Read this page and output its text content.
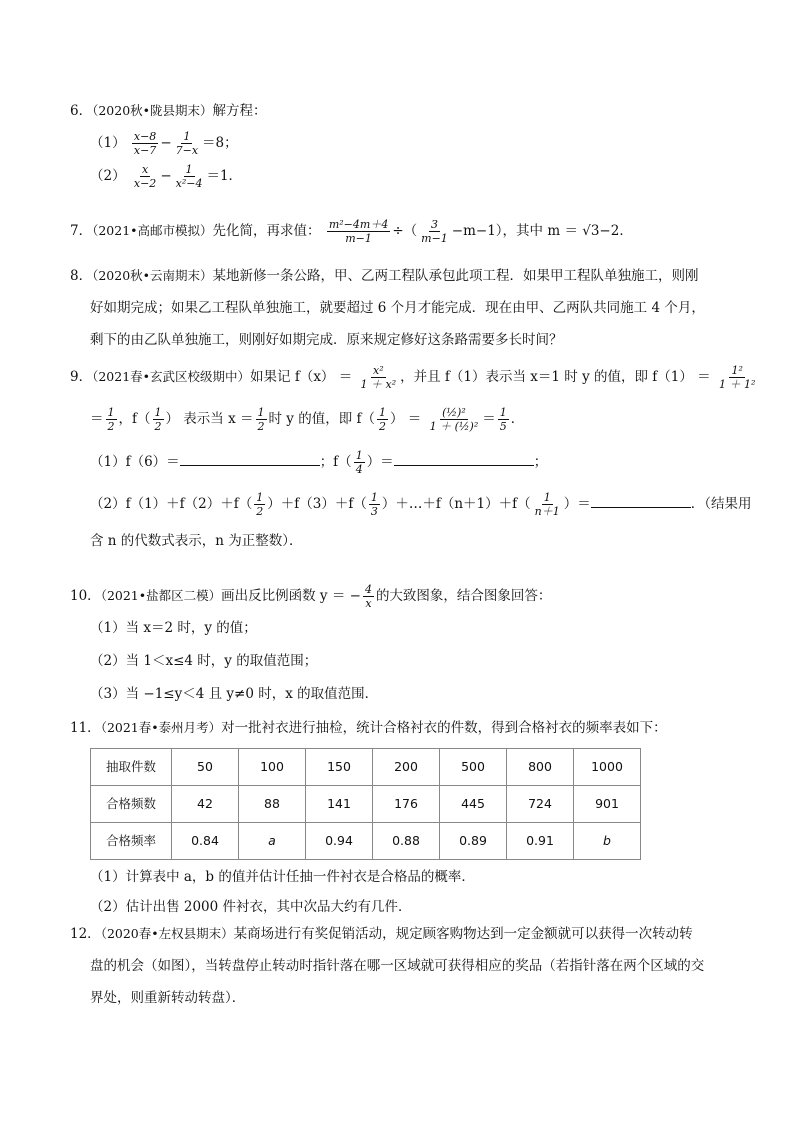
6．（2020秋•陇县期末）解方程：
$(1) \frac{x-8}{x-7} - \frac{1}{7-x} =8$；
$(2) \frac{x}{x-2} - \frac{1}{\text{x²−4}} =1$．
7．（2021•高邮市模拟）先化简，再求值： $\frac{\text{m²−4m＋4}}{m-1}$ ÷（ $\frac{3}{m-1} -m-1$），其中 m ＝ √3−2．
8．（2020秋•云南期末）某地新修一条公路，甲、乙两工程队承包此项工程．如果甲工程队单独施工，则刚
好如期完成；如果乙工程队单独施工，就要超过 6 个月才能完成．现在由甲、乙两队共同施工 4 个月，
剩下的由乙队单独施工，则刚好如期完成．原来规定修好这条路需要多长时间？
9．（2021春•玄武区校级期中）如果记 $f(x) = \frac{\text{x²}}{\text{1 ＋ x²}}$ ，并且 f（1）表示当 x＝1 时 y 的值，即 $f(1) = \frac{\text{1²}}{\text{1 ＋ 1²}}$
＝ $\frac{1}{2}$ ，$f( \frac{1}{2}$ ） 表示当 $x = \frac{1}{2}$ 时 y 的值，即 $f( \frac{1}{2}$ ） ＝ $\frac{\text{(½)²}}{\text{1 ＋ (½)²}} = \frac{1}{5}$ ．
（1）f（6）＝	；$f( \frac{1}{4}$ ）＝	；
$(2)f(1)+f(2)+f( \frac{1}{2} )+f(3)+f( \frac{1}{3}$ ）＋…＋f（n＋1）＋f（ $\frac{1}{n+1}$ ）＝	．（结果用
含 n 的代数式表示，n 为正整数）．
10．（2021•盐都区二模）画出反比例函数 y ＝ − $\frac{4}{x}$ 的大致图象，结合图象回答：
（1）当 x＝2 时，y 的值；
（2）当 1＜x≤4 时，y 的取值范围；
（3）当 −1≤y＜4 且 y≠0 时，x 的取值范围．
11．（2021春•泰州月考）对一批衬衣进行抽检，统计合格衬衣的件数，得到合格衬衣的频率表如下：
抽取件数	50	100	150	200	500	800	1000
合格频数	42	88	141	176	445	724	901
合格频率	0.84	a	0.94	0.88	0.89	0.91	b
（1）计算表中 a，b 的值并估计任抽一件衬衣是合格品的概率．
（2）估计出售 2000 件衬衣，其中次品大约有几件．
12．（2020春•左权县期末）某商场进行有奖促销活动，规定顾客购物达到一定金额就可以获得一次转动转
盘的机会（如图），当转盘停止转动时指针落在哪一区域就可获得相应的奖品（若指针落在两个区域的交
界处，则重新转动转盘）．
